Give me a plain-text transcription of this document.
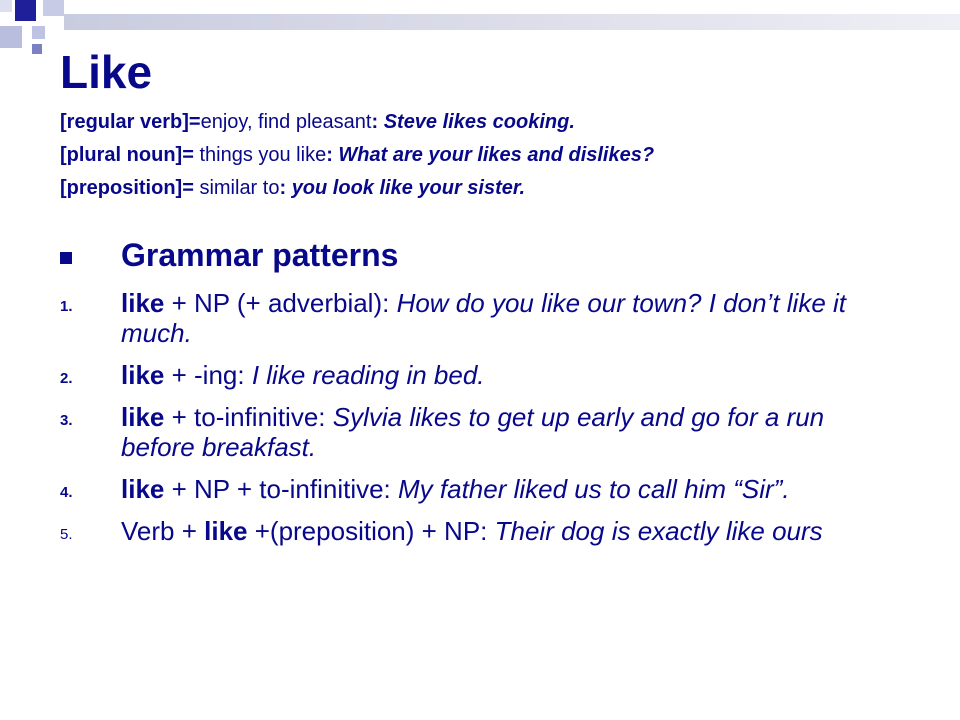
Like
[regular verb]=enjoy, find pleasant: Steve likes cooking.
[plural noun]= things you like: What are your likes and dislikes?
[preposition]= similar to: you look like your sister.
Grammar patterns
1. like + NP (+ adverbial): How do you like our town? I don’t like it much.
2. like + -ing: I like reading in bed.
3. like + to-infinitive: Sylvia likes to get up early and go for a run before breakfast.
4. like + NP + to-infinitive: My father liked us to call him “Sir”.
5. Verb + like +(preposition) + NP: Their dog is exactly like ours
